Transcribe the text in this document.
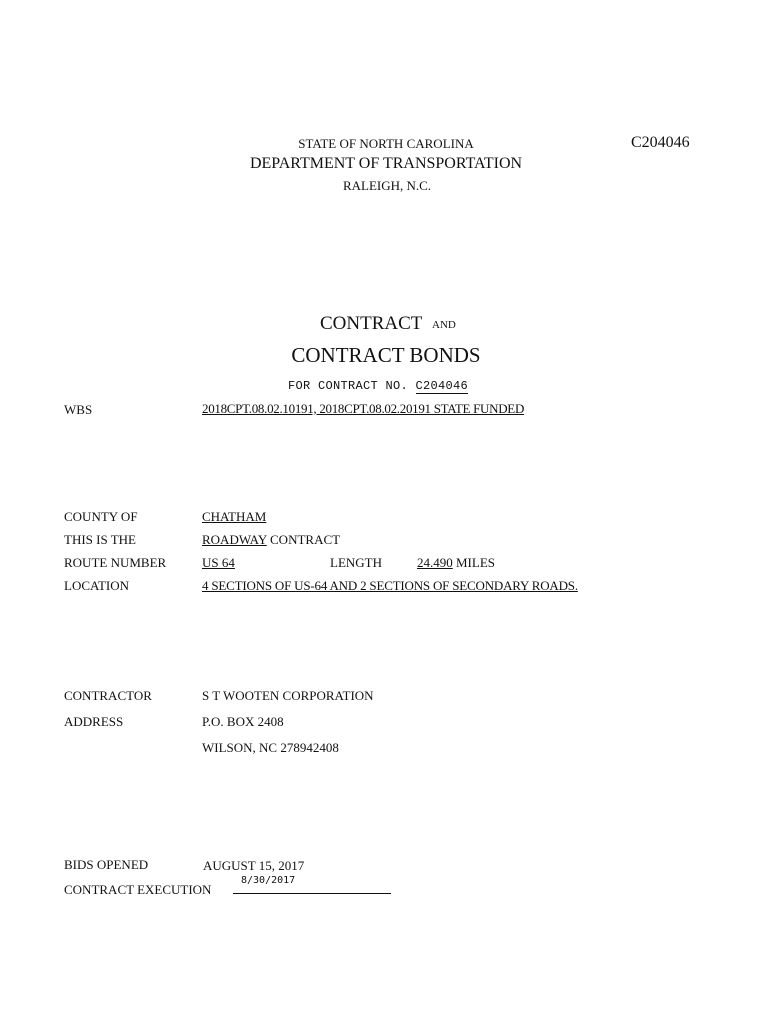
STATE OF NORTH CAROLINA
DEPARTMENT OF TRANSPORTATION
RALEIGH, N.C.
C204046
CONTRACT AND
CONTRACT BONDS
FOR CONTRACT NO. C204046
WBS	2018CPT.08.02.10191, 2018CPT.08.02.20191 STATE FUNDED
COUNTY OF	CHATHAM
THIS IS THE	ROADWAY CONTRACT
ROUTE NUMBER	US 64	LENGTH	24.490 MILES
LOCATION	4 SECTIONS OF US-64 AND 2 SECTIONS OF SECONDARY ROADS.
CONTRACTOR	S T WOOTEN CORPORATION
ADDRESS	P.O. BOX 2408
WILSON, NC 278942408
BIDS OPENED	AUGUST 15, 2017
CONTRACT EXECUTION
8/30/2017
